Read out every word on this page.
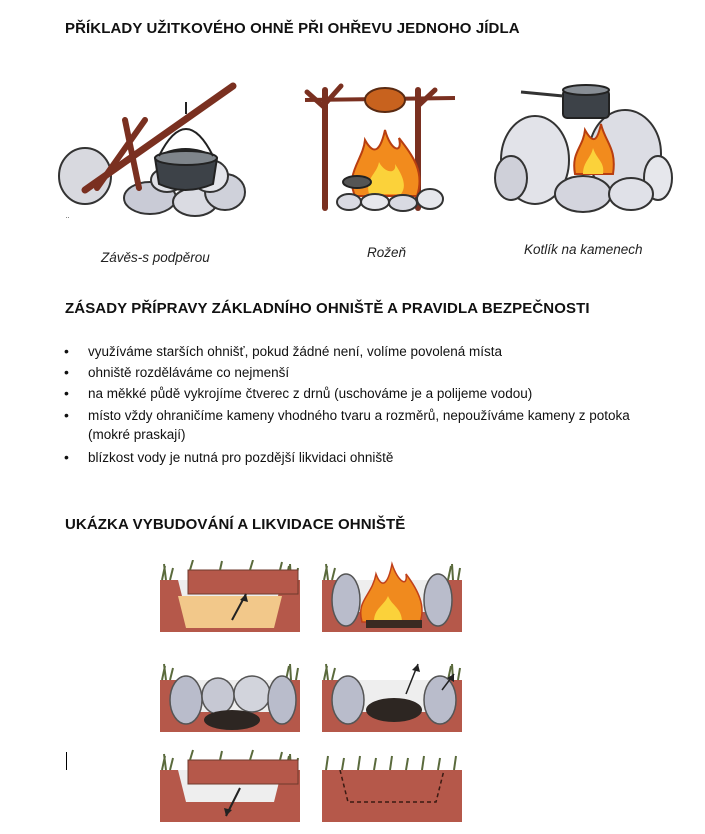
PŘÍKLADY UŽITKOVÉHO OHNĚ PŘI OHŘEVU JEDNOHO JÍDLA
¨
Závěs-s podpěrou	Rožeň	Kotlík na kamenech
ZÁSADY PŘÍPRAVY ZÁKLADNÍHO OHNIŠTĚ A PRAVIDLA BEZPEČNOSTI
• využíváme starších ohnišť, pokud žádné není, volíme povolená místa
• ohniště rozděláváme co nejmenší
• na měkké půdě vykrojíme čtverec z drnů (uschováme je a polijeme vodou)
• místo vždy ohraničíme kameny vhodného tvaru a rozměrů, nepoužíváme kameny z potoka (mokré praskají)
• blízkost vody je nutná pro pozdější likvidaci ohniště
UKÁZKA VYBUDOVÁNÍ A LIKVIDACE OHNIŠTĚ
